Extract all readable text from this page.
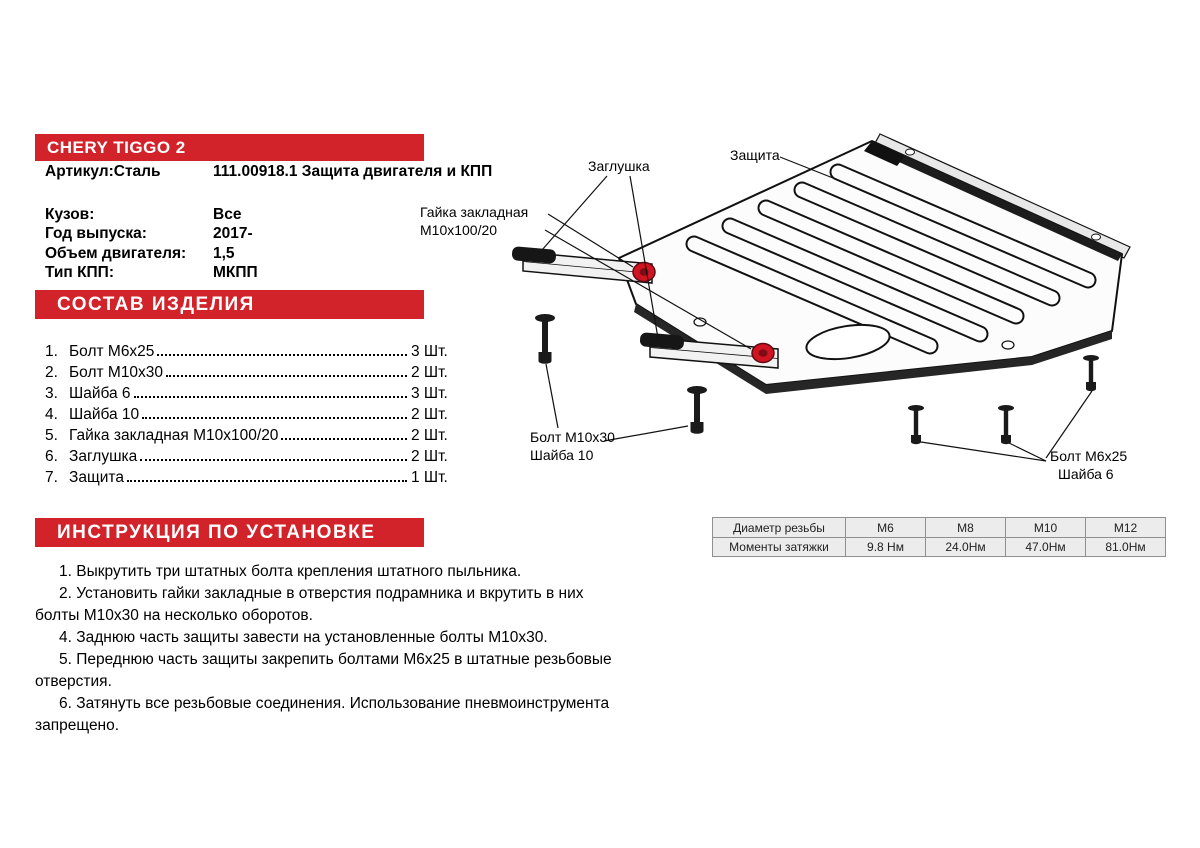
CHERY TIGGO 2
Артикул:Сталь	111.00918.1 Защита двигателя и КПП
Кузов:	Все
Год выпуска:	2017-
Объем двигателя:	1,5
Тип КПП:	МКПП
СОСТАВ ИЗДЕЛИЯ
1. Болт М6х25	3 Шт.
2. Болт М10х30	2 Шт.
3. Шайба 6	3 Шт.
4. Шайба 10	2 Шт.
5. Гайка закладная М10х100/20	2 Шт.
6. Заглушка	2 Шт.
7. Защита	1 Шт.
ИНСТРУКЦИЯ ПО УСТАНОВКЕ

1. Выкрутить три штатных болта крепления штатного пыльника.

2. Установить гайки закладные в отверстия подрамника и вкрутить в них болты М10х30 на несколько оборотов.

4. Заднюю часть защиты завести на установленные болты М10х30.

5. Переднюю часть защиты закрепить болтами М6х25 в штатные резьбовые отверстия.

6. Затянуть все резьбовые соединения. Использование пневмоинструмента запрещено.

Заглушка
Защита
Гайка закладная
М10х100/20
Болт М10х30
Шайба 10	Болт М6х25
Шайба 6
Диаметр резьбы	М6	М8	М10	М12
Моменты затяжки	9.8 Нм	24.0Нм	47.0Нм	81.0Нм
